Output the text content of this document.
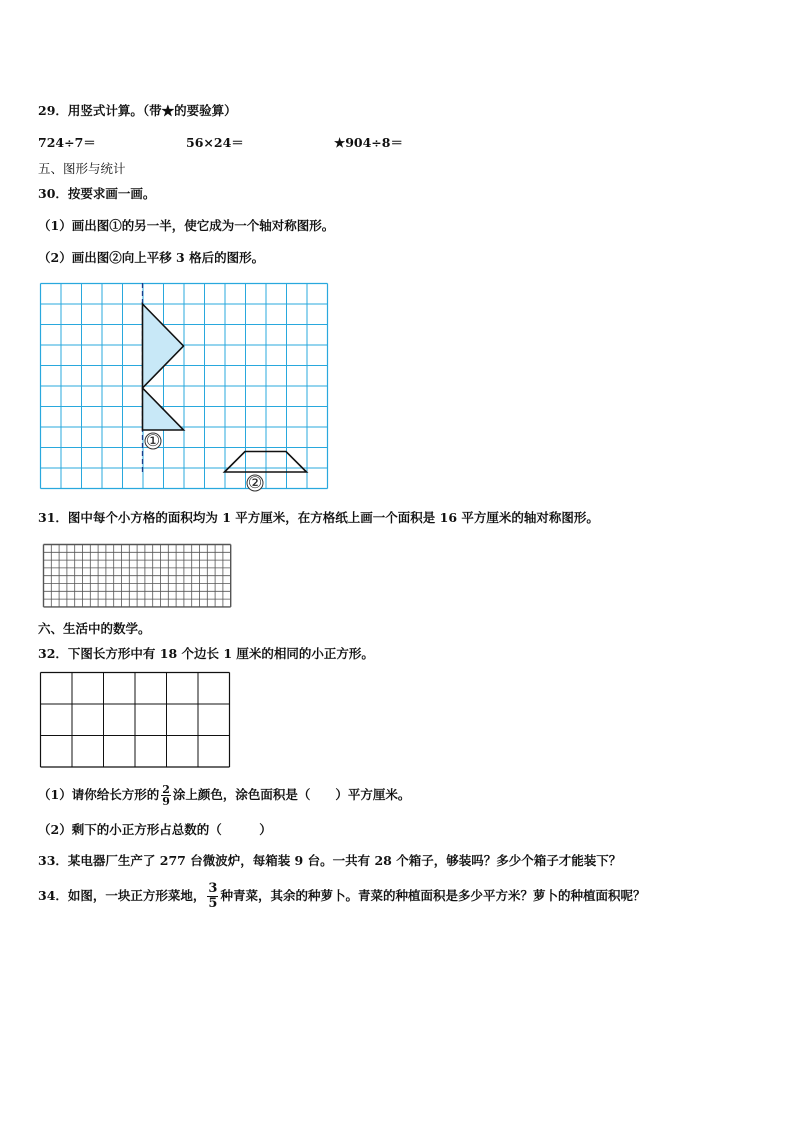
29．用竖式计算。（带★的要验算）
724÷7＝	56×24＝	★904÷8＝
五、图形与统计
30．按要求画一画。
（1）画出图①的另一半，使它成为一个轴对称图形。
（2）画出图②向上平移 3 格后的图形。
①
②
31．图中每个小方格的面积均为 1 平方厘米，在方格纸上画一个面积是 16 平方厘米的轴对称图形。
六、生活中的数学。
32．下图长方形中有 18 个边长 1 厘米的相同的小正方形。
（1）请你给长方形的 $\frac{2}{9}$ 涂上颜色，涂色面积是（　　）平方厘米。
（2）剩下的小正方形占总数的（　　　）
33．某电器厂生产了 277 台微波炉，每箱装 9 台。一共有 28 个箱子，够装吗？多少个箱子才能装下？
34．如图，一块正方形菜地， $\frac{3}{5}$ 种青菜，其余的种萝卜。青菜的种植面积是多少平方米？萝卜的种植面积呢？
